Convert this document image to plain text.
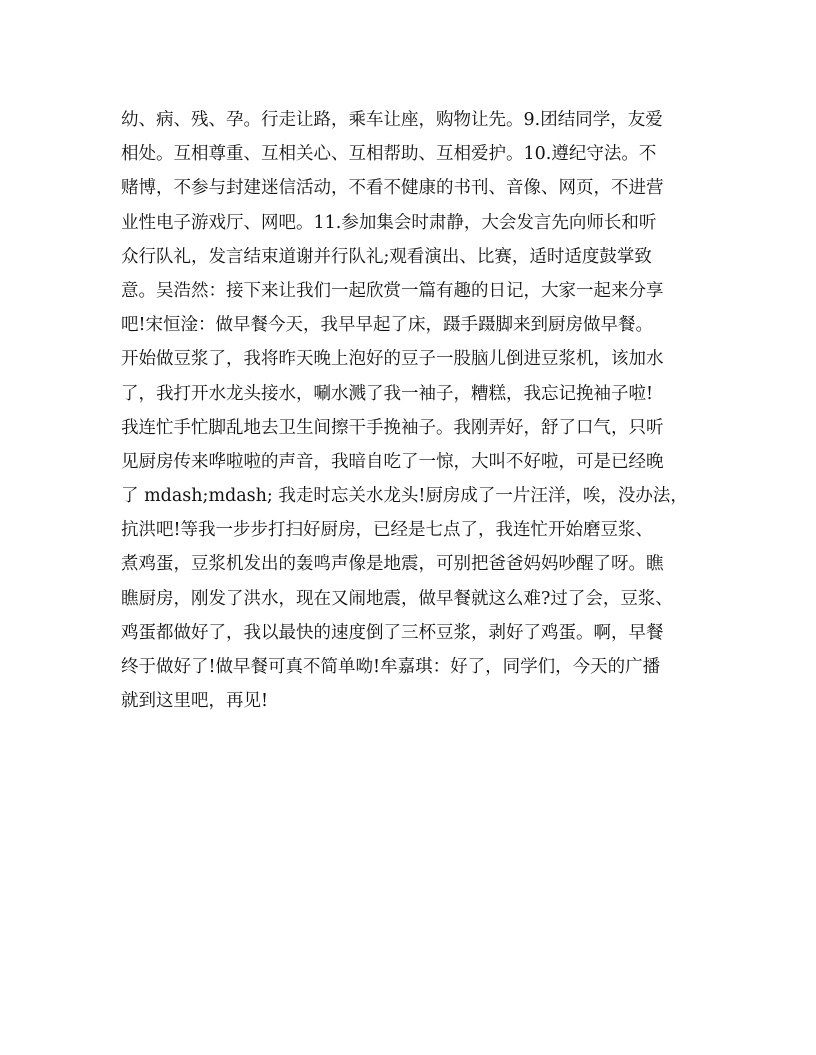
幼、病、残、孕。行走让路，乘车让座，购物让先。9.团结同学，友爱
相处。互相尊重、互相关心、互相帮助、互相爱护。10.遵纪守法。不
赌博，不参与封建迷信活动，不看不健康的书刊、音像、网页，不进营
业性电子游戏厅、网吧。11.参加集会时肃静，大会发言先向师长和听
众行队礼，发言结束道谢并行队礼;观看演出、比赛，适时适度鼓掌致
意。吴浩然：接下来让我们一起欣赏一篇有趣的日记，大家一起来分享
吧!宋恒淦：做早餐今天，我早早起了床，蹑手蹑脚来到厨房做早餐。
开始做豆浆了，我将昨天晚上泡好的豆子一股脑儿倒进豆浆机，该加水
了，我打开水龙头接水，唰水溅了我一袖子，糟糕，我忘记挽袖子啦!
我连忙手忙脚乱地去卫生间擦干手挽袖子。我刚弄好，舒了口气，只听
见厨房传来哗啦啦的声音，我暗自吃了一惊，大叫不好啦，可是已经晚
了 mdash;mdash; 我走时忘关水龙头!厨房成了一片汪洋，唉，没办法，
抗洪吧!等我一步步打扫好厨房，已经是七点了，我连忙开始磨豆浆、
煮鸡蛋，豆浆机发出的轰鸣声像是地震，可别把爸爸妈妈吵醒了呀。瞧
瞧厨房，刚发了洪水，现在又闹地震，做早餐就这么难?过了会，豆浆、
鸡蛋都做好了，我以最快的速度倒了三杯豆浆，剥好了鸡蛋。啊，早餐
终于做好了!做早餐可真不简单呦!牟嘉琪：好了，同学们，今天的广播
就到这里吧，再见!
